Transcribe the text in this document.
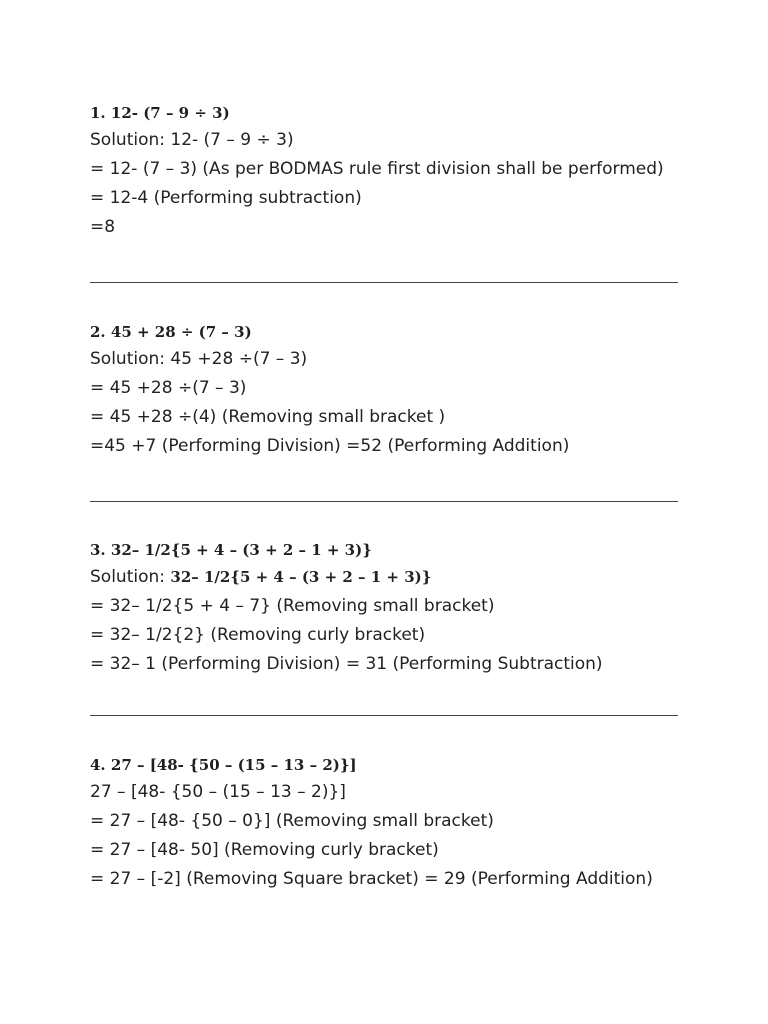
1. 12- (7 – 9 ÷ 3)
Solution: 12- (7 – 9 ÷ 3)
= 12- (7 – 3) (As per BODMAS rule first division shall be performed)
= 12-4 (Performing subtraction)
=8
2. 45 + 28 ÷ (7 – 3)
Solution: 45 +28 ÷(7 – 3)
= 45 +28 ÷(7 – 3)
= 45 +28 ÷(4) (Removing small bracket )
=45 +7 (Performing Division) =52 (Performing Addition)
3. 32– 1/2{5 + 4 – (3 + 2 – 1 + 3)}
Solution: 32– 1/2{5 + 4 – (3 + 2 – 1 + 3)}
= 32– 1/2{5 + 4 – 7} (Removing small bracket)
= 32– 1/2{2} (Removing curly bracket)
= 32– 1 (Performing Division) = 31 (Performing Subtraction)
4. 27 – [48- {50 – (15 – 13 – 2)}]
27 – [48- {50 – (15 – 13 – 2)}]
= 27 – [48- {50 – 0}] (Removing small bracket)
= 27 – [48- 50] (Removing curly bracket)
= 27 – [-2] (Removing Square bracket) = 29 (Performing Addition)
